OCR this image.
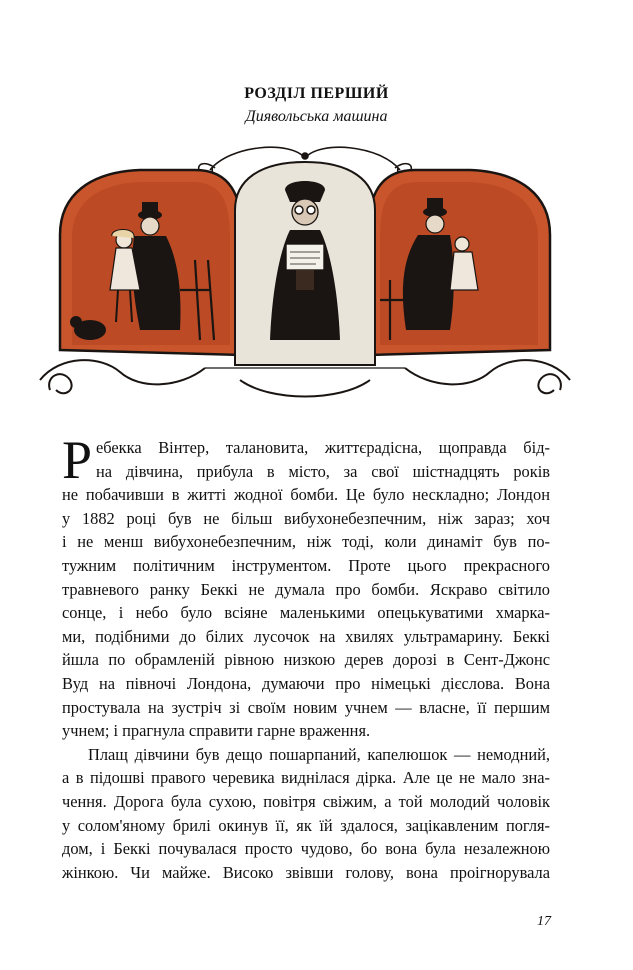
РОЗДІЛ ПЕРШИЙ
Диявольська машина
Р ебекка Вінтер, талановита, життєрадісна, щоправда бід-
на дівчина, прибула в місто, за свої шістнадцять років
не побачивши в житті жодної бомби. Це було нескладно; Лондон
у 1882 році був не більш вибухонебезпечним, ніж зараз; хоч
і не менш вибухонебезпечним, ніж тоді, коли динаміт був по-
тужним політичним інструментом. Проте цього прекрасного
травневого ранку Беккі не думала про бомби. Яскраво світило
сонце, і небо було всіяне маленькими опецькуватими хмарка-
ми, подібними до білих лусочок на хвилях ультрамарину. Беккі
йшла по обрамленій рівною низкою дерев дорозі в Сент-Джонс
Вуд на півночі Лондона, думаючи про німецькі дієслова. Вона
простувала на зустріч зі своїм новим учнем — власне, її першим
учнем; і прагнула справити гарне враження.
Плащ дівчини був дещо пошарпаний, капелюшок — немодний,
а в підошві правого черевика виднілася дірка. Але це не мало зна-
чення. Дорога була сухою, повітря свіжим, а той молодий чоловік
у солом'яному брилі окинув її, як їй здалося, зацікавленим погля-
дом, і Беккі почувалася просто чудово, бо вона була незалежною
жінкою. Чи майже. Високо звівши голову, вона проігнорувала
17
